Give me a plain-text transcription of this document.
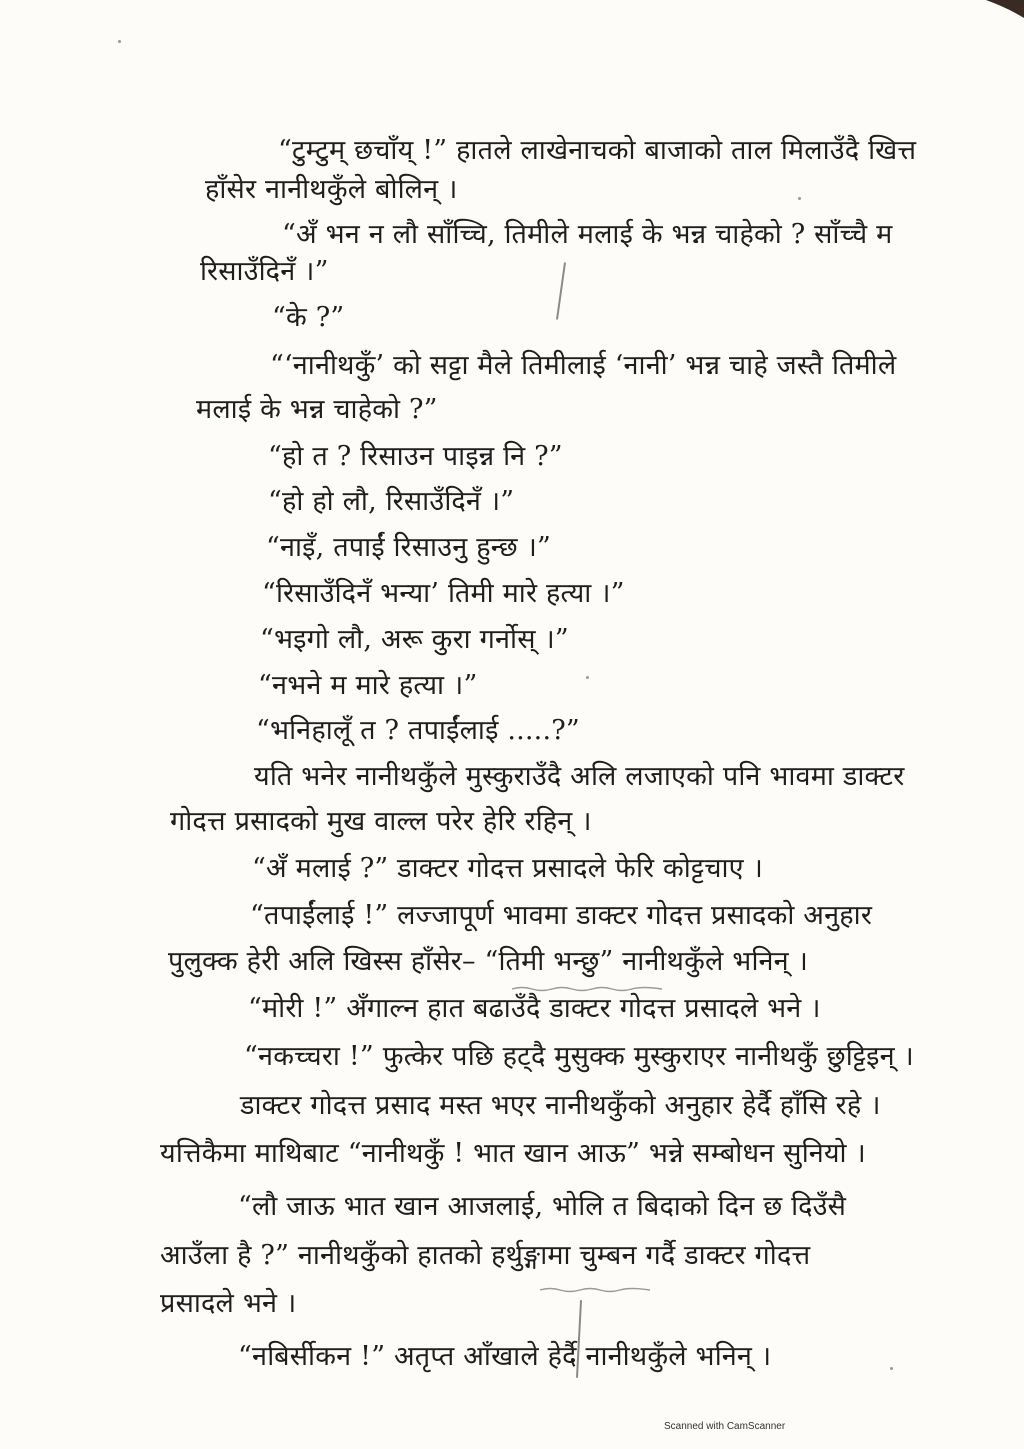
“टुम्टुम् छचाँय् !” हातले लाखेनाचको बाजाको ताल मिलाउँदै खित्त
हाँसेर नानीथकुँले बोलिन् ।
“अँ भन न लौ साँच्चि, तिमीले मलाई के भन्न चाहेको ? साँच्चै म
रिसाउँदिनँ ।”
“के ?”
“‘नानीथकुँ’ को सट्टा मैले तिमीलाई ‘नानी’ भन्न चाहे जस्तै तिमीले
मलाई के भन्न चाहेको ?”
“हो त ? रिसाउन पाइन्न नि ?”
“हो हो लौ, रिसाउँदिनँ ।”
“नाइँ, तपाईं रिसाउनु हुन्छ ।”
“रिसाउँदिनँ भन्या’ तिमी मारे हत्या ।”
“भइगो लौ, अरू कुरा गर्नोस् ।”
“नभने म मारे हत्या ।”
“भनिहालूँ त ? तपाईंलाई .....?”
यति भनेर नानीथकुँले मुस्कुराउँदै अलि लजाएको पनि भावमा डाक्टर
गोदत्त प्रसादको मुख वाल्ल परेर हेरि रहिन् ।
“अँ मलाई ?” डाक्टर गोदत्त प्रसादले फेरि कोट्टचाए ।
“तपाईंलाई !” लज्जापूर्ण भावमा डाक्टर गोदत्त प्रसादको अनुहार
पुलुक्क हेरी अलि खिस्स हाँसेर– “तिमी भन्छु” नानीथकुँले भनिन् ।
“मोरी !” अँगाल्न हात बढाउँदै डाक्टर गोदत्त प्रसादले भने ।
“नकच्चरा !” फुत्केर पछि हट्दै मुसुक्क मुस्कुराएर नानीथकुँ छुट्टिइन् ।
डाक्टर गोदत्त प्रसाद मस्त भएर नानीथकुँको अनुहार हेर्दै हाँसि रहे ।
यत्तिकैमा माथिबाट “नानीथकुँ ! भात खान आऊ” भन्ने सम्बोधन सुनियो ।
“लौ जाऊ भात खान आजलाई, भोलि त बिदाको दिन छ दिउँसै
आउँला है ?” नानीथकुँको हातको हर्थुङ्गामा चुम्बन गर्दै डाक्टर गोदत्त
प्रसादले भने ।
“नबिर्सीकन !” अतृप्त आँखाले हेर्दै नानीथकुँले भनिन् ।
Scanned with CamScanner
